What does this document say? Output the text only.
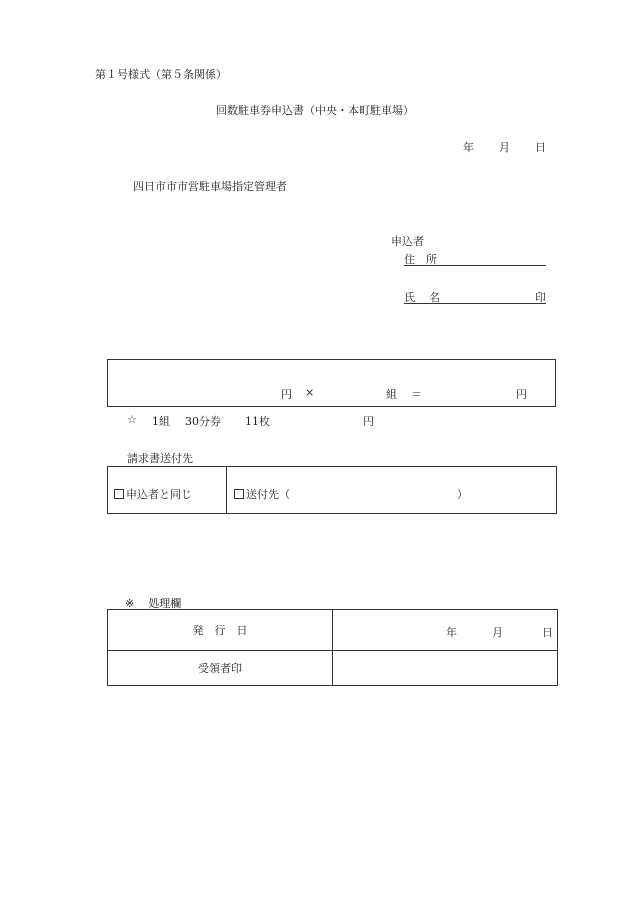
第１号様式（第５条関係）
回数駐車券申込書（中央・本町駐車場）
年 月 日
四日市市市営駐車場指定管理者
申込者
住 所
氏 名	印
円 ×	組 ＝	円
☆ 1組 30分券 11枚	円
請求書送付先
申込者と同じ	送付先（	）
※ 処理欄
発　行　日	年 月 日

受領者印	
